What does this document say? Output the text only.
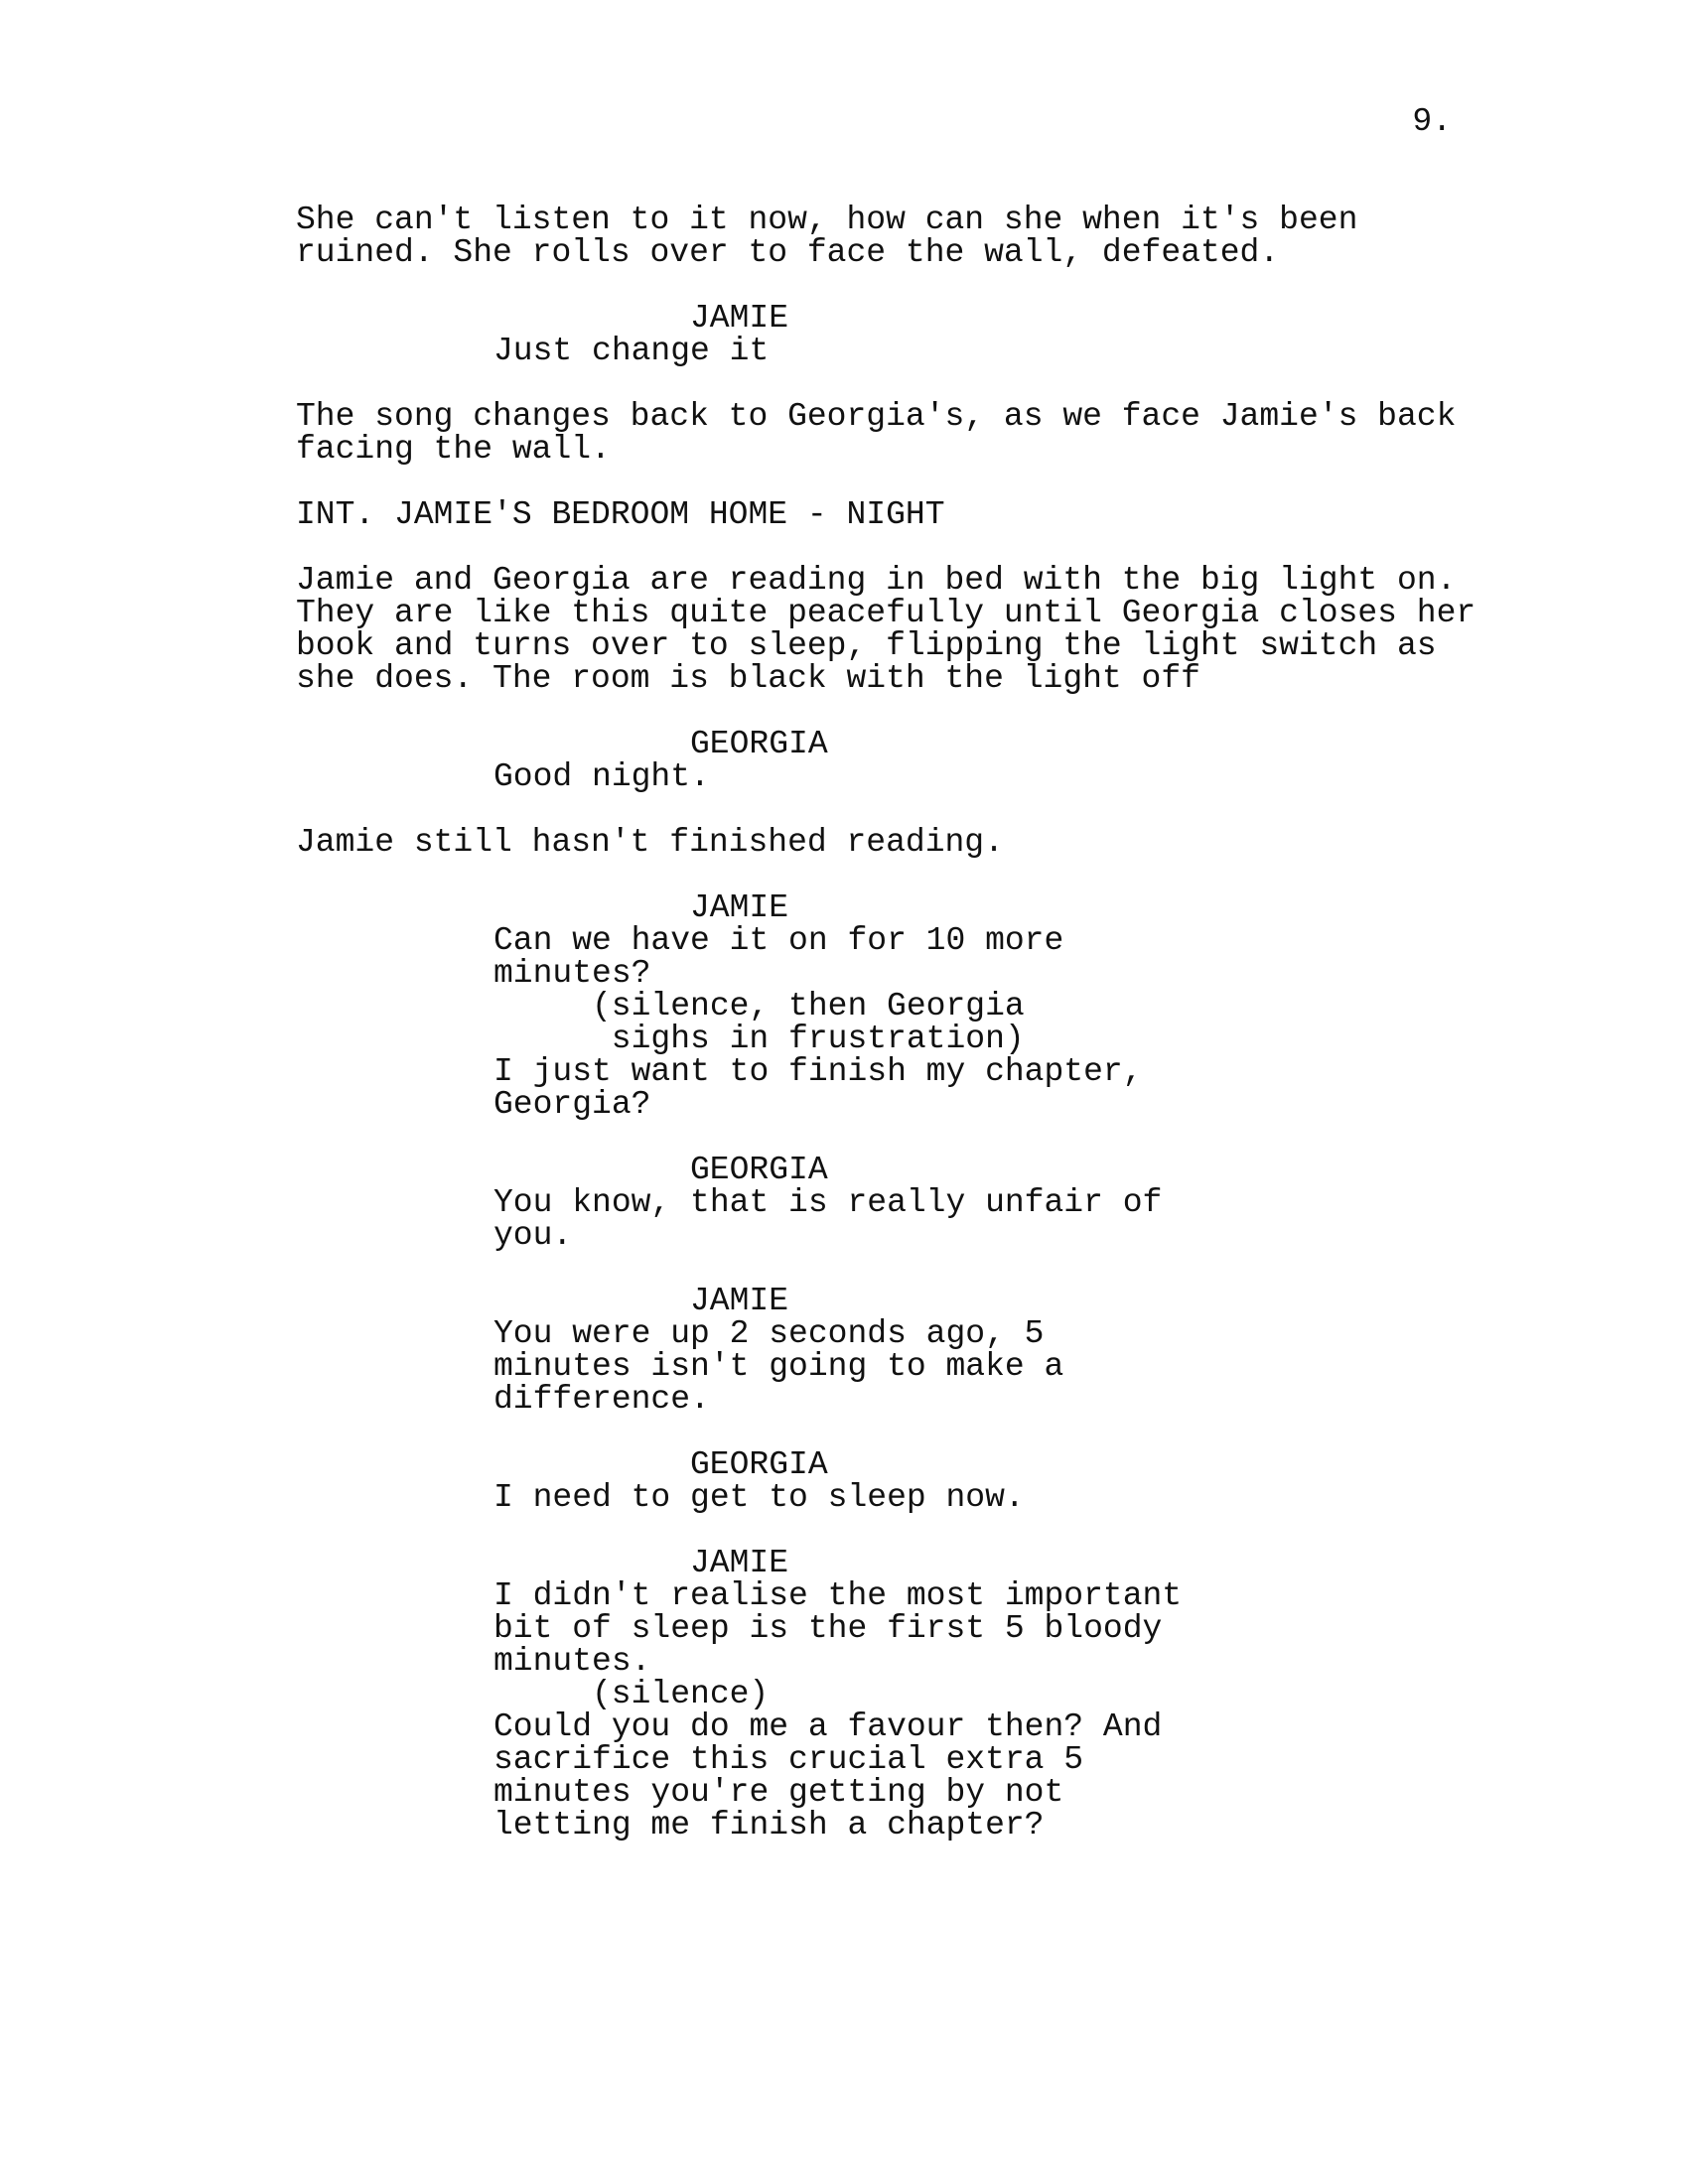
9.
She can't listen to it now, how can she when it's been
ruined. She rolls over to face the wall, defeated.
JAMIE
Just change it
The song changes back to Georgia's, as we face Jamie's back
facing the wall.
INT. JAMIE'S BEDROOM HOME - NIGHT
Jamie and Georgia are reading in bed with the big light on.
They are like this quite peacefully until Georgia closes her
book and turns over to sleep, flipping the light switch as
she does. The room is black with the light off
GEORGIA
Good night.
Jamie still hasn't finished reading.
JAMIE
Can we have it on for 10 more
minutes?
(silence, then Georgia
sighs in frustration)
I just want to finish my chapter,
Georgia?
GEORGIA
You know, that is really unfair of
you.
JAMIE
You were up 2 seconds ago, 5
minutes isn't going to make a
difference.
GEORGIA
I need to get to sleep now.
JAMIE
I didn't realise the most important
bit of sleep is the first 5 bloody
minutes.
(silence)
Could you do me a favour then? And
sacrifice this crucial extra 5
minutes you're getting by not
letting me finish a chapter?
